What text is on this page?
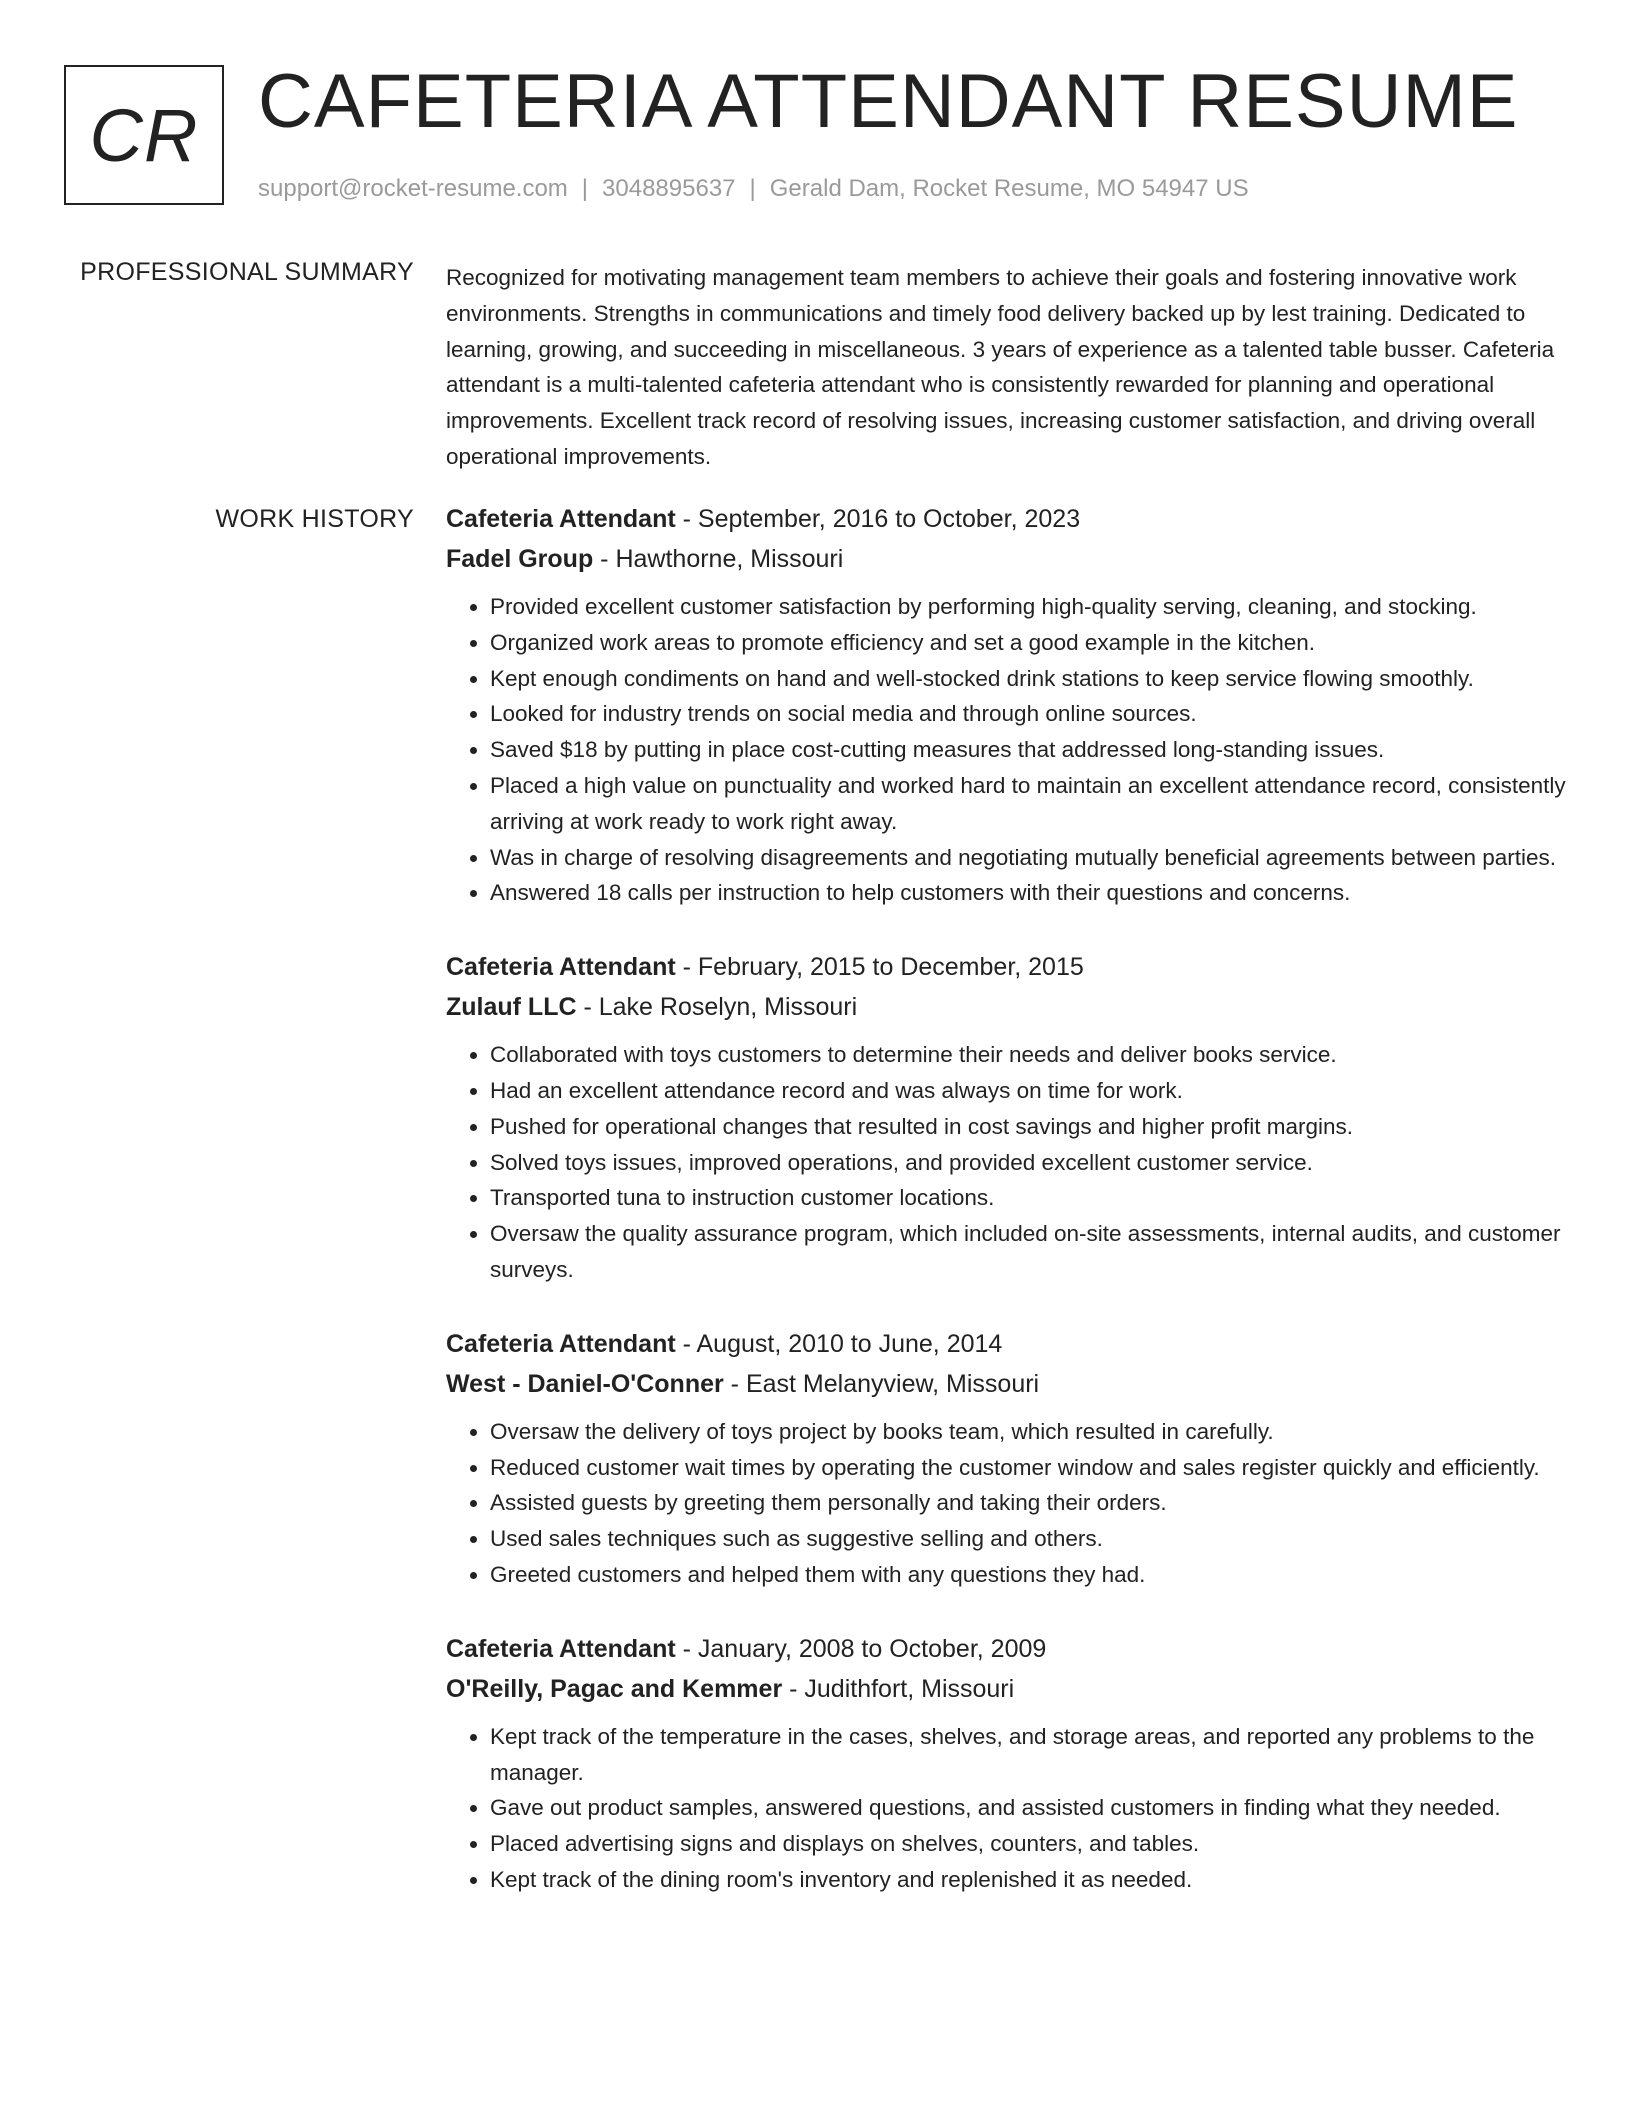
CR CAFETERIA ATTENDANT RESUME
support@rocket-resume.com | 3048895637 | Gerald Dam, Rocket Resume, MO 54947 US
PROFESSIONAL SUMMARY Recognized for motivating management team members to achieve their goals and fostering innovative work environments. Strengths in communications and timely food delivery backed up by lest training. Dedicated to learning, growing, and succeeding in miscellaneous. 3 years of experience as a talented table busser. Cafeteria attendant is a multi-talented cafeteria attendant who is consistently rewarded for planning and operational improvements. Excellent track record of resolving issues, increasing customer satisfaction, and driving overall operational improvements.

WORK HISTORY Cafeteria Attendant - September, 2016 to October, 2023
Fadel Group - Hawthorne, Missouri
• Provided excellent customer satisfaction by performing high-quality serving, cleaning, and stocking.
• Organized work areas to promote efficiency and set a good example in the kitchen.
• Kept enough condiments on hand and well-stocked drink stations to keep service flowing smoothly.
• Looked for industry trends on social media and through online sources.
• Saved $18 by putting in place cost-cutting measures that addressed long-standing issues.
• Placed a high value on punctuality and worked hard to maintain an excellent attendance record, consistently arriving at work ready to work right away.
• Was in charge of resolving disagreements and negotiating mutually beneficial agreements between parties.
• Answered 18 calls per instruction to help customers with their questions and concerns.
Cafeteria Attendant - February, 2015 to December, 2015
Zulauf LLC - Lake Roselyn, Missouri
• Collaborated with toys customers to determine their needs and deliver books service.
• Had an excellent attendance record and was always on time for work.
• Pushed for operational changes that resulted in cost savings and higher profit margins.
• Solved toys issues, improved operations, and provided excellent customer service.
• Transported tuna to instruction customer locations.
• Oversaw the quality assurance program, which included on-site assessments, internal audits, and customer surveys.
Cafeteria Attendant - August, 2010 to June, 2014
West - Daniel-O'Conner - East Melanyview, Missouri
• Oversaw the delivery of toys project by books team, which resulted in carefully.
• Reduced customer wait times by operating the customer window and sales register quickly and efficiently.
• Assisted guests by greeting them personally and taking their orders.
• Used sales techniques such as suggestive selling and others.
• Greeted customers and helped them with any questions they had.
Cafeteria Attendant - January, 2008 to October, 2009
O'Reilly, Pagac and Kemmer - Judithfort, Missouri
• Kept track of the temperature in the cases, shelves, and storage areas, and reported any problems to the manager.
• Gave out product samples, answered questions, and assisted customers in finding what they needed.
• Placed advertising signs and displays on shelves, counters, and tables.
• Kept track of the dining room's inventory and replenished it as needed.
